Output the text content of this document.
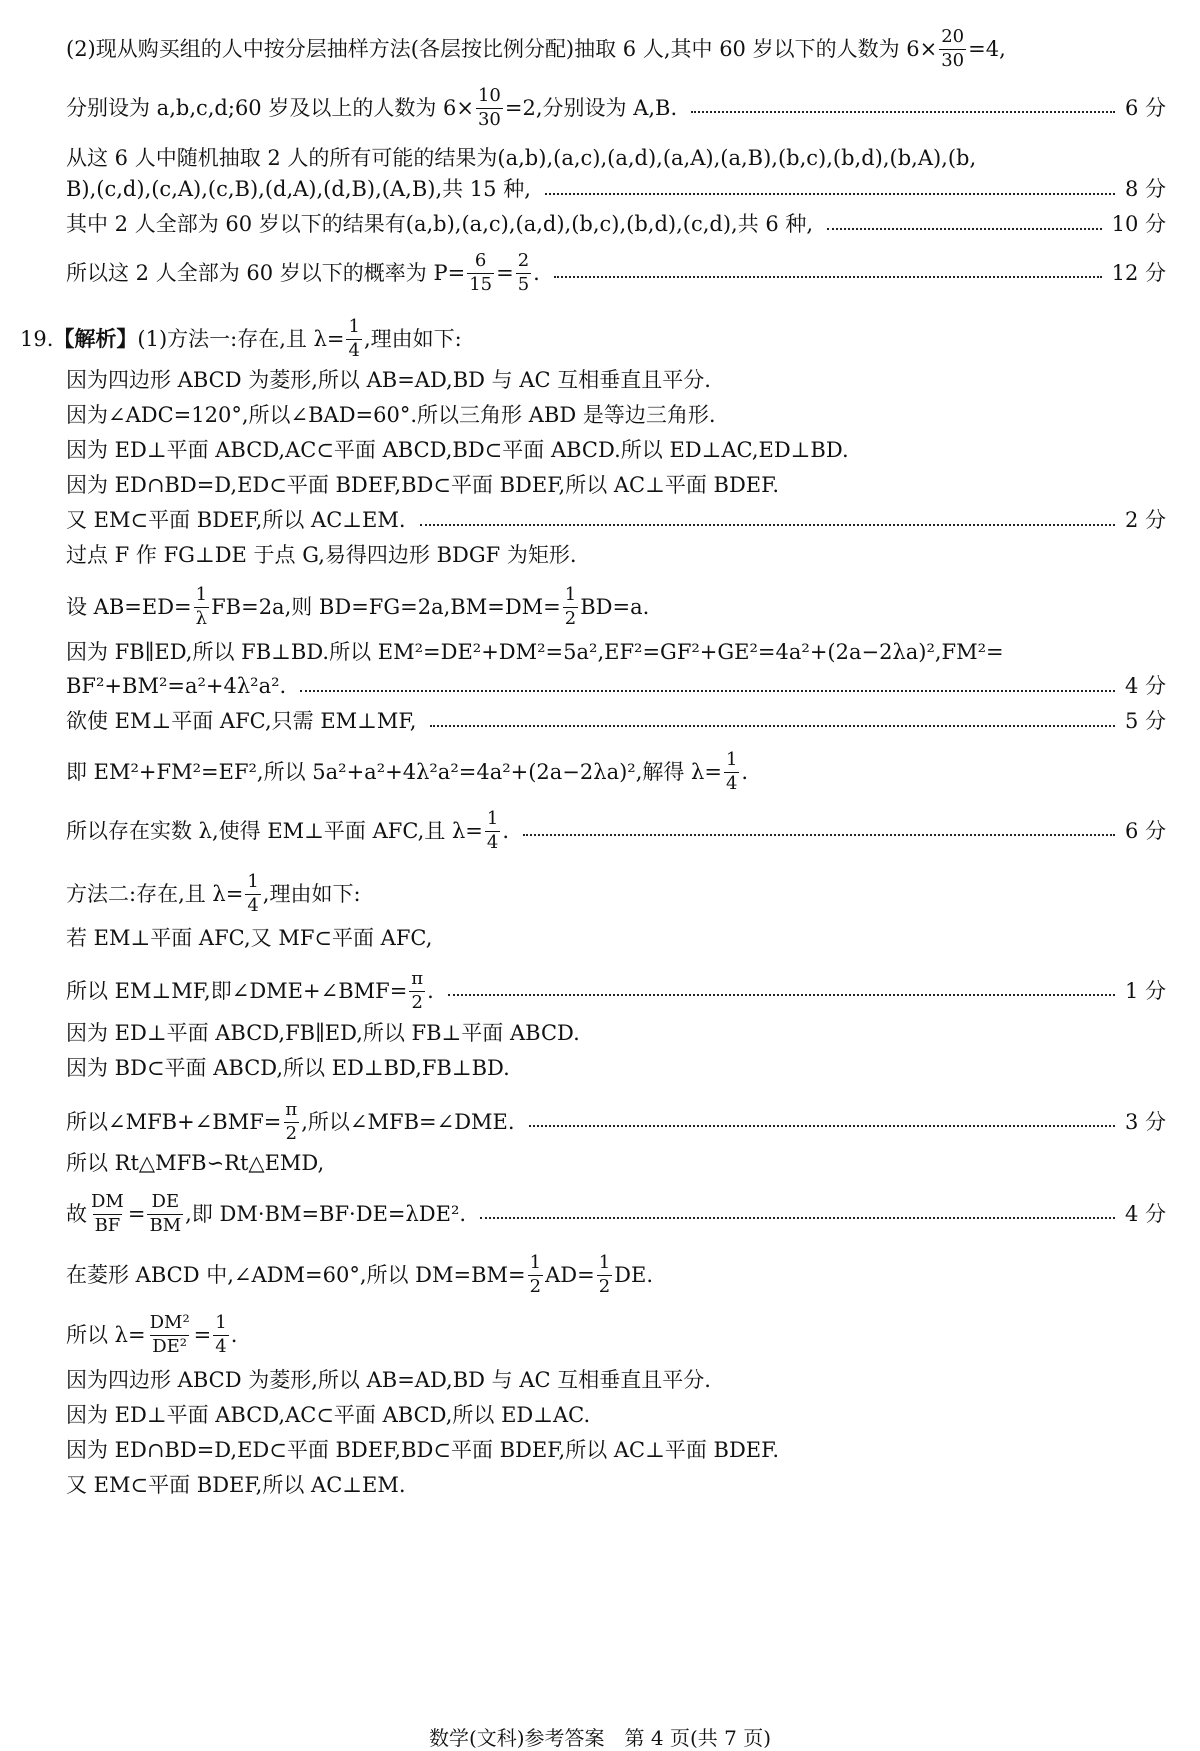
(2)现从购买组的人中按分层抽样方法(各层按比例分配)抽取 6 人,其中 60 岁以下的人数为 $6\times \frac{20}{30} =4$,
分别设为 a,b,c,d;60 岁及以上的人数为 $6\times \frac{10}{30} =2$,分别设为 A,B.	6 分
从这 6 人中随机抽取 2 人的所有可能的结果为(a,b),(a,c),(a,d),(a,A),(a,B),(b,c),(b,d),(b,A),(b,
B),(c,d),(c,A),(c,B),(d,A),(d,B),(A,B),共 15 种,	8 分
其中 2 人全部为 60 岁以下的结果有(a,b),(a,c),(a,d),(b,c),(b,d),(c,d),共 6 种,	10 分
所以这 2 人全部为 60 岁以下的概率为 $P= \frac{6}{15} = \frac{2}{5}$ .	12 分
19. 【解析】 (1)方法一:存在,且 $\lambda= \frac{1}{4}$ ,理由如下:
因为四边形 ABCD 为菱形,所以 AB=AD,BD 与 AC 互相垂直且平分.
因为∠ADC=120°,所以∠BAD=60°.所以三角形 ABD 是等边三角形.
因为 ED⊥平面 ABCD,AC⊂平面 ABCD,BD⊂平面 ABCD.所以 ED⊥AC,ED⊥BD.
因为 ED∩BD=D,ED⊂平面 BDEF,BD⊂平面 BDEF,所以 AC⊥平面 BDEF.
又 EM⊂平面 BDEF,所以 AC⊥EM.	2 分
过点 F 作 FG⊥DE 于点 G,易得四边形 BDGF 为矩形.
设 $AB=ED= \frac{1}{\lambda} FB=2a$,则 $BD=FG=2a,BM=DM= \frac{1}{2} BD=a$.
因为 FB∥ED,所以 FB⊥BD.所以 EM²=DE²+DM²=5a²,EF²=GF²+GE²=4a²+(2a−2λa)²,FM²=
BF²+BM²=a²+4λ²a².	4 分
欲使 EM⊥平面 AFC,只需 EM⊥MF,	5 分
即 EM²+FM²=EF²,所以 5a²+a²+4λ²a²=4a²+(2a−2λa)²,解得 $\lambda= \frac{1}{4}$ .
所以存在实数 λ,使得 EM⊥平面 AFC,且 $\lambda= \frac{1}{4}$ .	6 分
方法二:存在,且 $\lambda= \frac{1}{4}$ ,理由如下:
若 EM⊥平面 AFC,又 MF⊂平面 AFC,
所以 EM⊥MF,即∠DME+∠BMF= $\frac{\pi}{2}$ .	1 分
因为 ED⊥平面 ABCD,FB∥ED,所以 FB⊥平面 ABCD.
因为 BD⊂平面 ABCD,所以 ED⊥BD,FB⊥BD.
所以∠MFB+∠BMF= $\frac{\pi}{2}$ ,所以∠MFB=∠DME.	3 分
所以 Rt△MFB∽Rt△EMD,
故 $\frac{DM}{BF} = \frac{DE}{BM}$ ,即 DM·BM=BF·DE=λDE².	4 分
在菱形 ABCD 中,∠ADM=60°,所以 $DM=BM= \frac{1}{2} AD= \frac{1}{2}$ DE.
所以 $\lambda= \frac{\text{DM²}}{\text{DE²}} = \frac{1}{4}$ .
因为四边形 ABCD 为菱形,所以 AB=AD,BD 与 AC 互相垂直且平分.
因为 ED⊥平面 ABCD,AC⊂平面 ABCD,所以 ED⊥AC.
因为 ED∩BD=D,ED⊂平面 BDEF,BD⊂平面 BDEF,所以 AC⊥平面 BDEF.
又 EM⊂平面 BDEF,所以 AC⊥EM.
数学(文科)参考答案　第 4 页(共 7 页)
